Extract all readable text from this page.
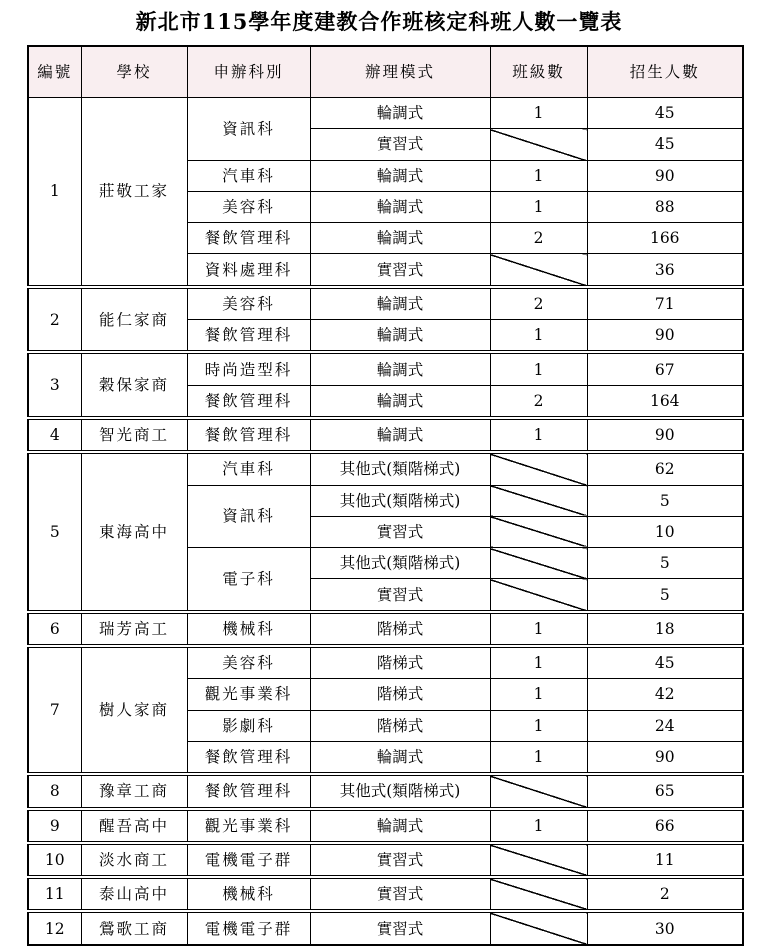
新北市115學年度建教合作班核定科班人數一覽表
編號	學校	申辦科別	辦理模式	班級數	招生人數
1	莊敬工家	資訊科	輪調式	1	45
			實習式		45
		汽車科	輪調式	1	90
		美容科	輪調式	1	88
		餐飲管理科	輪調式	2	166
		資料處理科	實習式		36
2	能仁家商	美容科	輪調式	2	71
		餐飲管理科	輪調式	1	90
3	穀保家商	時尚造型科	輪調式	1	67
		餐飲管理科	輪調式	2	164
4	智光商工	餐飲管理科	輪調式	1	90
5	東海高中	汽車科	其他式(類階梯式)		62
		資訊科	其他式(類階梯式)		5
			實習式		10
		電子科	其他式(類階梯式)		5
			實習式		5
6	瑞芳高工	機械科	階梯式	1	18
7	樹人家商	美容科	階梯式	1	45
		觀光事業科	階梯式	1	42
		影劇科	階梯式	1	24
		餐飲管理科	輪調式	1	90
8	豫章工商	餐飲管理科	其他式(類階梯式)		65
9	醒吾高中	觀光事業科	輪調式	1	66
10	淡水商工	電機電子群	實習式		11
11	泰山高中	機械科	實習式		2
12	鶯歌工商	電機電子群	實習式		30
